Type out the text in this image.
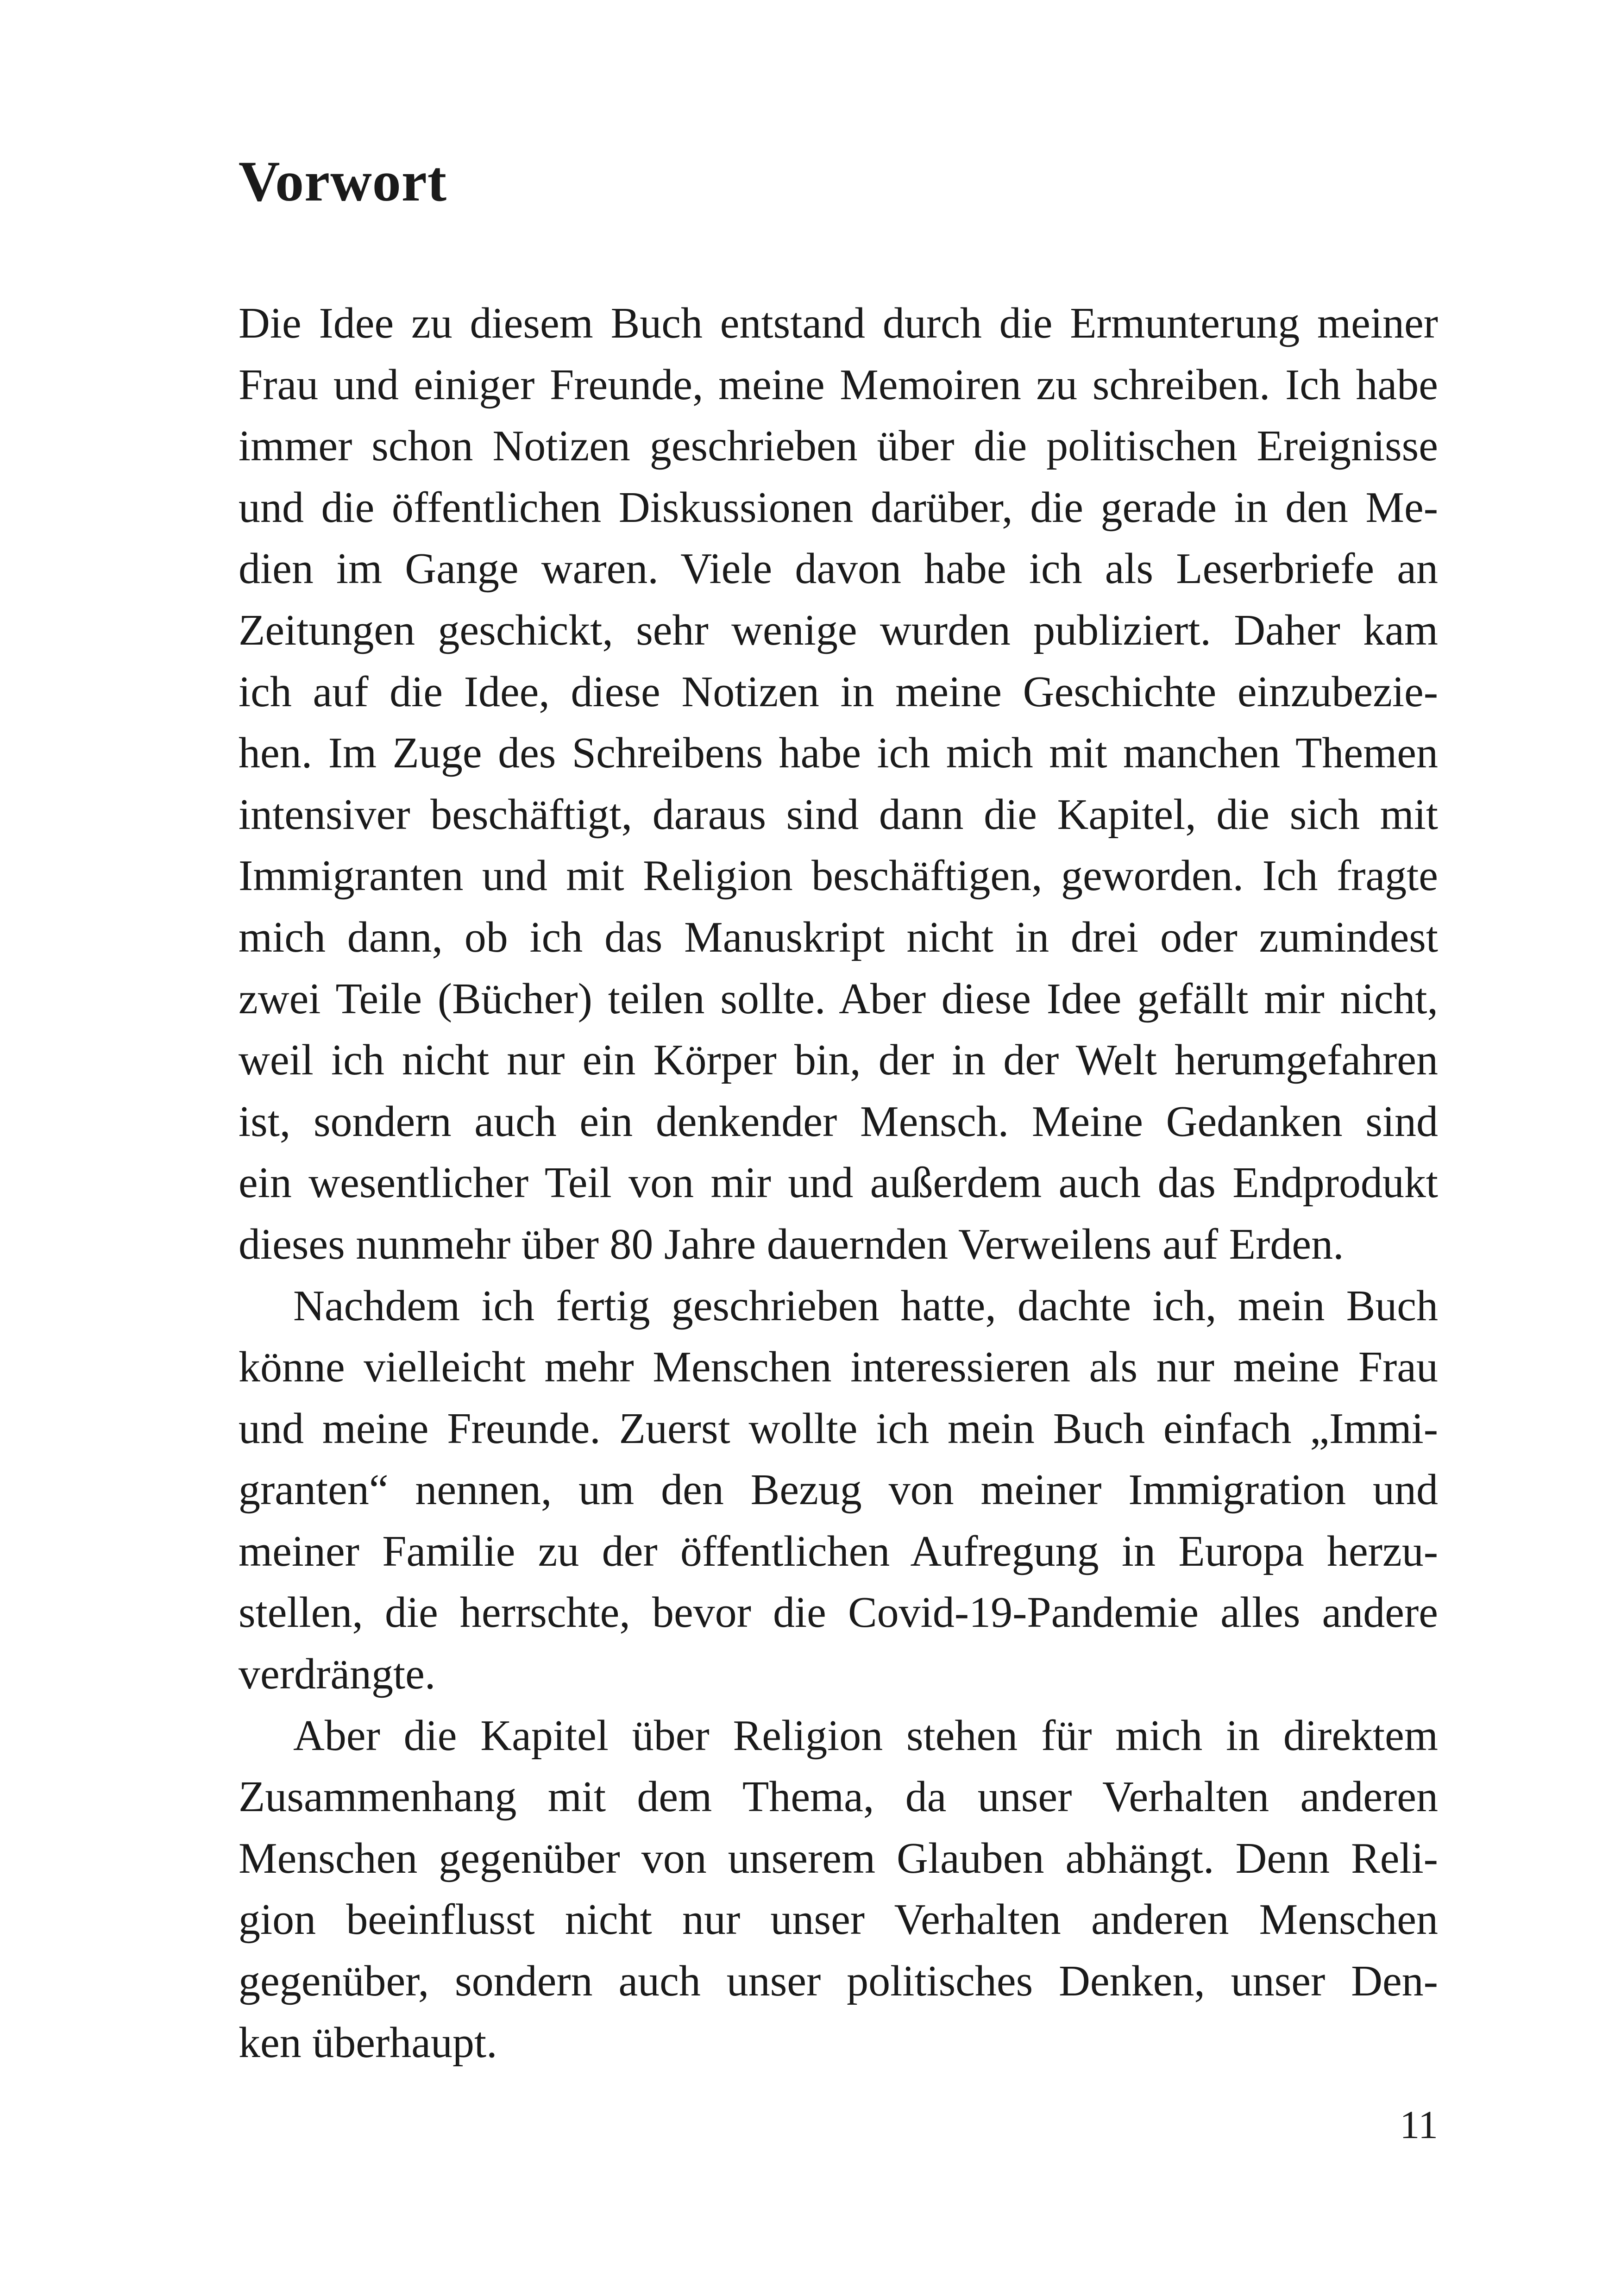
Vorwort
Die Idee zu diesem Buch entstand durch die Ermunterung meiner
Frau und einiger Freunde, meine Memoiren zu schreiben. Ich habe
immer schon Notizen geschrieben über die politischen Ereignisse
und die öffentlichen Diskussionen darüber, die gerade in den Me-
dien im Gange waren. Viele davon habe ich als Leserbriefe an
Zeitungen geschickt, sehr wenige wurden publiziert. Daher kam
ich auf die Idee, diese Notizen in meine Geschichte einzubezie-
hen. Im Zuge des Schreibens habe ich mich mit manchen Themen
intensiver beschäftigt, daraus sind dann die Kapitel, die sich mit
Immigranten und mit Religion beschäftigen, geworden. Ich fragte
mich dann, ob ich das Manuskript nicht in drei oder zumindest
zwei Teile (Bücher) teilen sollte. Aber diese Idee gefällt mir nicht,
weil ich nicht nur ein Körper bin, der in der Welt herumgefahren
ist, sondern auch ein denkender Mensch. Meine Gedanken sind
ein wesentlicher Teil von mir und außerdem auch das Endprodukt
dieses nunmehr über 80 Jahre dauernden Verweilens auf Erden.
Nachdem ich fertig geschrieben hatte, dachte ich, mein Buch
könne vielleicht mehr Menschen interessieren als nur meine Frau
und meine Freunde. Zuerst wollte ich mein Buch einfach „Immi-
granten“ nennen, um den Bezug von meiner Immigration und
meiner Familie zu der öffentlichen Aufregung in Europa herzu-
stellen, die herrschte, bevor die Covid-19-Pandemie alles andere
verdrängte.
Aber die Kapitel über Religion stehen für mich in direktem
Zusammenhang mit dem Thema, da unser Verhalten anderen
Menschen gegenüber von unserem Glauben abhängt. Denn Reli-
gion beeinflusst nicht nur unser Verhalten anderen Menschen
gegenüber, sondern auch unser politisches Denken, unser Den-
ken überhaupt.
11
